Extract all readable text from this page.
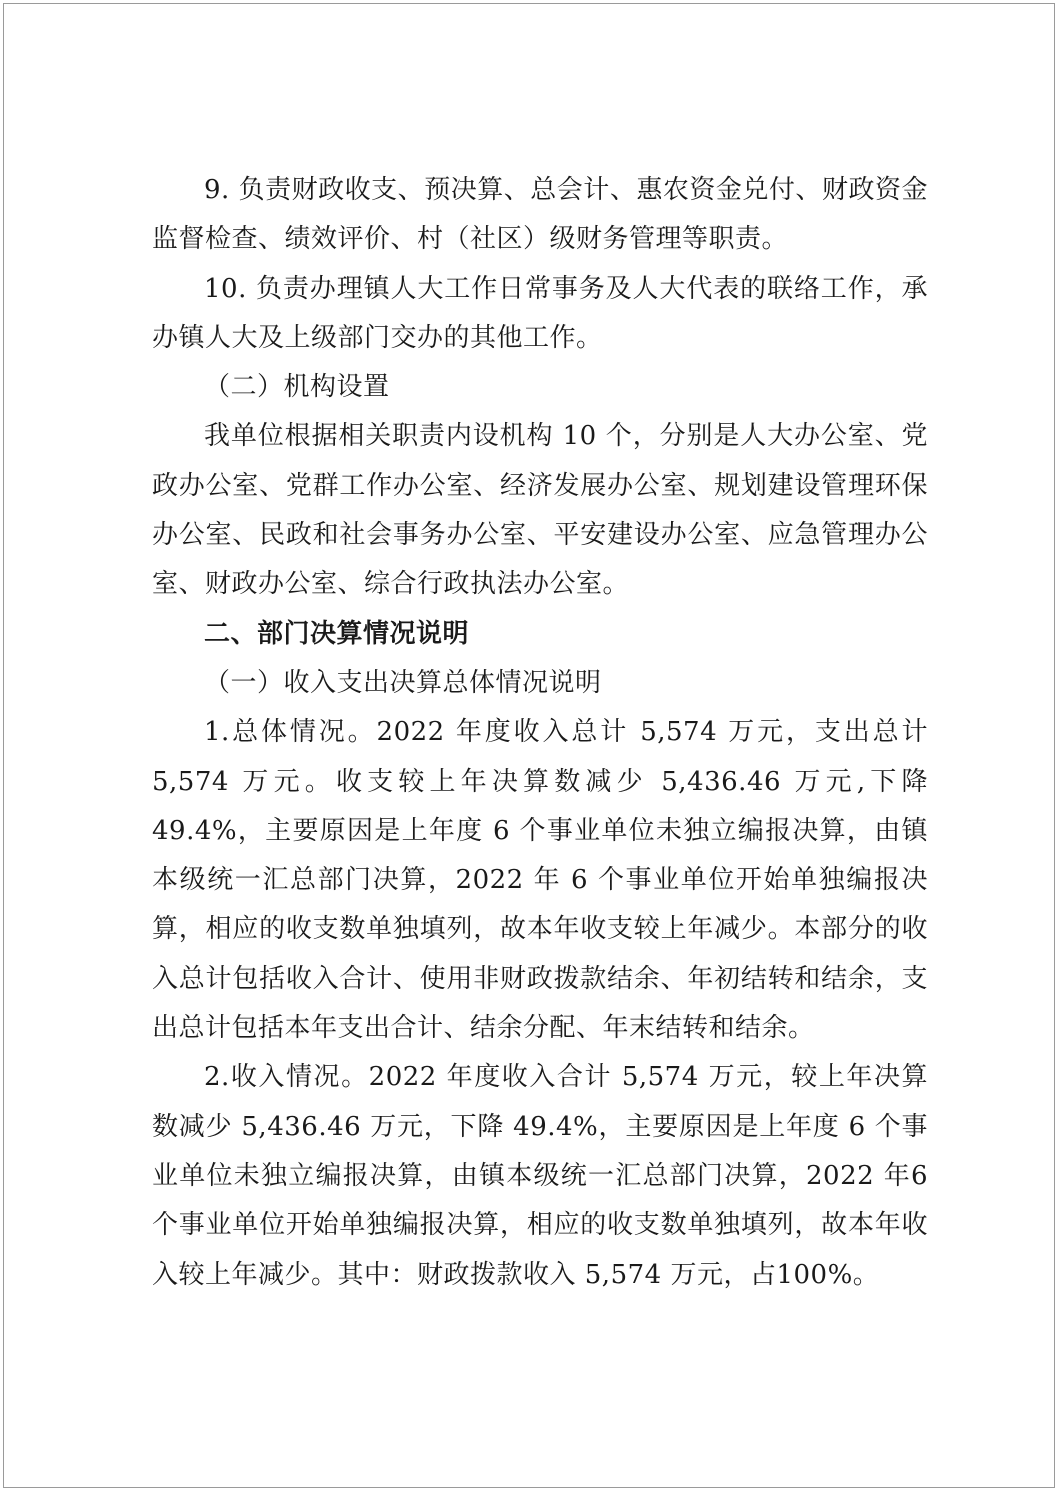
9. 负责财政收支、预决算、总会计、惠农资金兑付、财政资金监督检查、绩效评价、村（社区）级财务管理等职责。

10. 负责办理镇人大工作日常事务及人大代表的联络工作，承办镇人大及上级部门交办的其他工作。

（二）机构设置

我单位根据相关职责内设机构 10 个，分别是人大办公室、党政办公室、党群工作办公室、经济发展办公室、规划建设管理环保办公室、民政和社会事务办公室、平安建设办公室、应急管理办公室、财政办公室、综合行政执法办公室。

二、部门决算情况说明

（一）收入支出决算总体情况说明

1.总体情况。2022 年度收入总计 5,574 万元，支出总计5,574 万元。收支较上年决算数减少 5,436.46 万元,下降 49.4%，主要原因是上年度 6 个事业单位未独立编报决算，由镇本级统一汇总部门决算，2022 年 6 个事业单位开始单独编报决算，相应的收支数单独填列，故本年收支较上年减少。本部分的收入总计包括收入合计、使用非财政拨款结余、年初结转和结余，支出总计包括本年支出合计、结余分配、年末结转和结余。

2.收入情况。2022 年度收入合计 5,574 万元，较上年决算数减少 5,436.46 万元，下降 49.4%，主要原因是上年度 6 个事业单位未独立编报决算，由镇本级统一汇总部门决算，2022 年6 个事业单位开始单独编报决算，相应的收支数单独填列，故本年收入较上年减少。其中：财政拨款收入 5,574 万元，占100%。
